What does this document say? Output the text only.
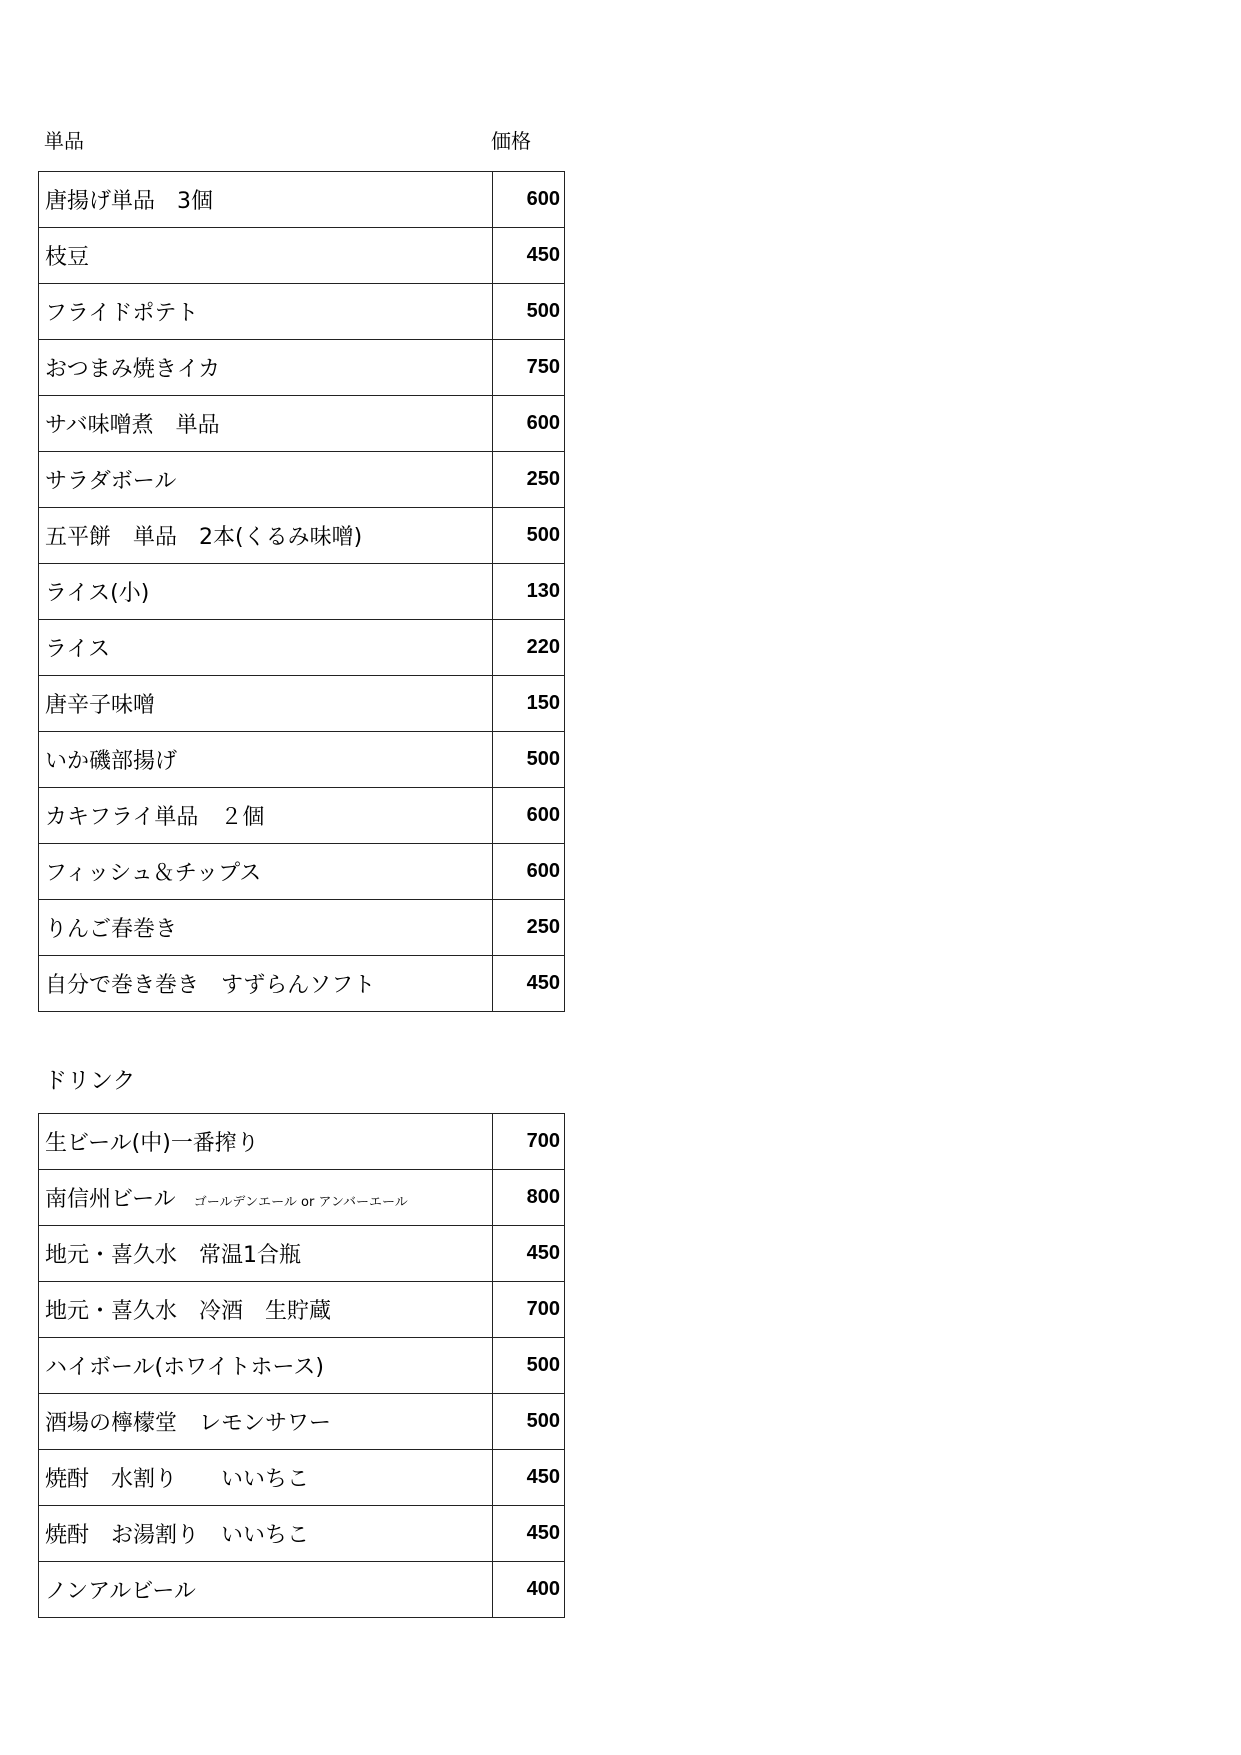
単品	価格
唐揚げ単品　3個	600
枝豆	450
フライドポテト	500
おつまみ焼きイカ	750
サバ味噌煮　単品	600
サラダボール	250
五平餅　単品　2本(くるみ味噌)	500
ライス(小)	130
ライス	220
唐辛子味噌	150
いか磯部揚げ	500
カキフライ単品　２個	600
フィッシュ＆チップス	600
りんご春巻き	250
自分で巻き巻き　すずらんソフト	450
ドリンク
生ビール(中)一番搾り	700
南信州ビール ゴールデンエール or アンバーエール	800
地元・喜久水　常温1合瓶	450
地元・喜久水　冷酒　生貯蔵	700
ハイボール(ホワイトホース)	500
酒場の檸檬堂　レモンサワー	500
焼酎　水割り　　いいちこ	450
焼酎　お湯割り　いいちこ	450
ノンアルビール	400
